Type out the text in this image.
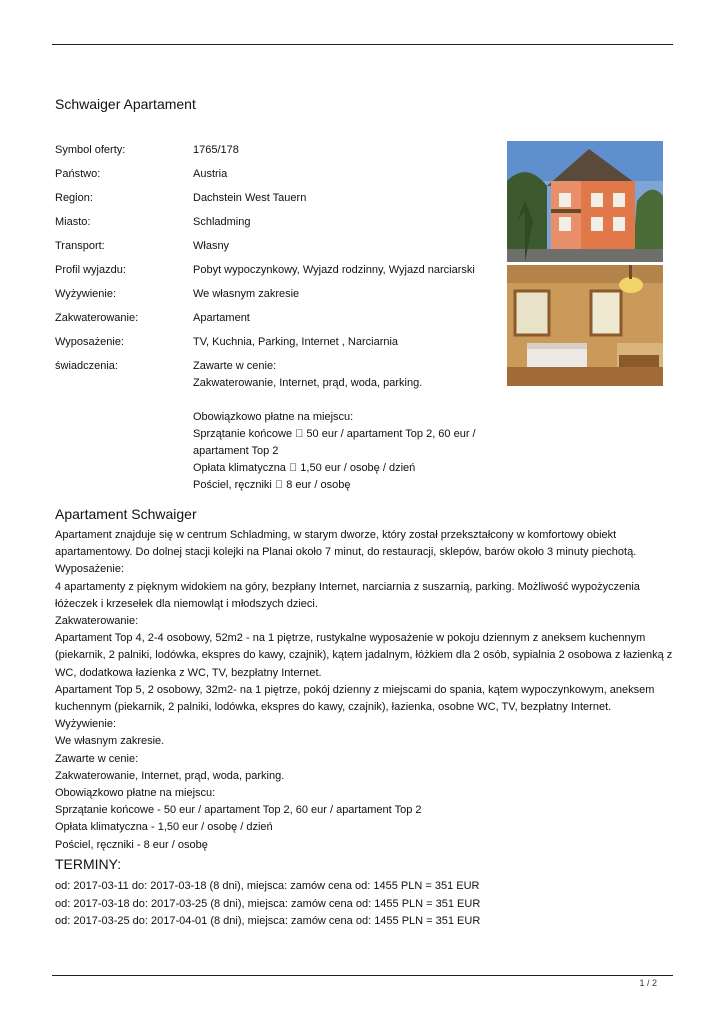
Schwaiger Apartament
Symbol oferty:	1765/178
Państwo:	Austria
Region:	Dachstein West Tauern
Miasto:	Schladming
Transport:	Własny
Profil wyjazdu:	Pobyt wypoczynkowy, Wyjazd rodzinny, Wyjazd narciarski
Wyżywienie:	We własnym zakresie
Zakwaterowanie:	Apartament
Wyposażenie:	TV, Kuchnia, Parking, Internet , Narciarnia
świadczenia:	Zawarte w cenie:
Zakwaterowanie, Internet, prąd, woda, parking.
Obowiązkowo płatne na miejscu:
Sprzątanie końcowe 50 eur / apartament Top 2, 60 eur /
apartament Top 2
Opłata klimatyczna 1,50 eur / osobę / dzień
Pościel, ręczniki 8 eur / osobę
Apartament Schwaiger

Apartament znajduje się w centrum Schladming, w starym dworze, który został przekształcony w komfortowy obiekt apartamentowy. Do dolnej stacji kolejki na Planai około 7 minut, do restauracji, sklepów, barów około 3 minuty piechotą.

Wyposażenie:

4 apartamenty z pięknym widokiem na góry, bezpłany Internet, narciarnia z suszarnią, parking. Możliwość wypożyczenia łóżeczek i krzesełek dla niemowląt i młodszych dzieci.

Zakwaterowanie:

Apartament Top 4, 2-4 osobowy, 52m2 - na 1 piętrze, rustykalne wyposażenie w pokoju dziennym z aneksem kuchennym (piekarnik, 2 palniki, lodówka, ekspres do kawy, czajnik), kątem jadalnym, łóżkiem dla 2 osób, sypialnia 2 osobowa z łazienką z WC, dodatkowa łazienka z WC, TV, bezpłatny Internet.

Apartament Top 5, 2 osobowy, 32m2- na 1 piętrze, pokój dzienny z miejscami do spania, kątem wypoczynkowym, aneksem kuchennym (piekarnik, 2 palniki, lodówka, ekspres do kawy, czajnik), łazienka, osobne WC, TV, bezpłatny Internet.

Wyżywienie:

We własnym zakresie.

Zawarte w cenie:

Zakwaterowanie, Internet, prąd, woda, parking.

Obowiązkowo płatne na miejscu:

Sprzątanie końcowe - 50 eur / apartament Top 2, 60 eur / apartament Top 2

Opłata klimatyczna - 1,50 eur / osobę / dzień

Pościel, ręczniki - 8 eur / osobę

TERMINY:
od: 2017-03-11 do: 2017-03-18 (8 dni), miejsca: zamów cena od: 1455 PLN = 351 EUR
od: 2017-03-18 do: 2017-03-25 (8 dni), miejsca: zamów cena od: 1455 PLN = 351 EUR
od: 2017-03-25 do: 2017-04-01 (8 dni), miejsca: zamów cena od: 1455 PLN = 351 EUR
1 / 2
